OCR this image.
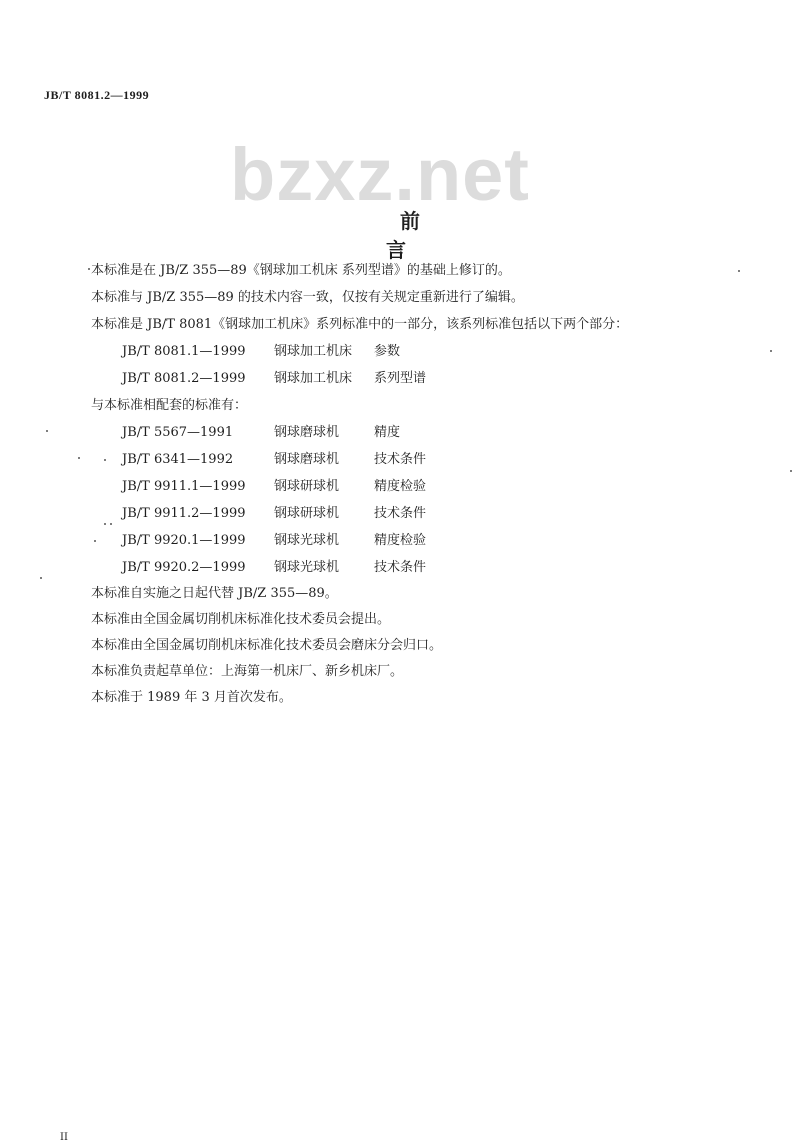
JB/T 8081.2—1999
bzxz.net
前言
本标准是在 JB/Z 355—89《钢球加工机床 系列型谱》的基础上修订的。
本标准与 JB/Z 355—89 的技术内容一致，仅按有关规定重新进行了编辑。
本标准是 JB/T 8081《钢球加工机床》系列标准中的一部分，该系列标准包括以下两个部分：
JB/T 8081.1—1999 钢球加工机床 参数
JB/T 8081.2—1999 钢球加工机床 系列型谱
与本标准相配套的标准有：
JB/T 5567—1991	钢球磨球机	精度
JB/T 6341—1992	钢球磨球机	技术条件
JB/T 9911.1—1999 钢球研球机	精度检验
JB/T 9911.2—1999 钢球研球机	技术条件
JB/T 9920.1—1999 钢球光球机	精度检验
JB/T 9920.2—1999 钢球光球机	技术条件
本标准自实施之日起代替 JB/Z 355—89。
本标准由全国金属切削机床标准化技术委员会提出。
本标准由全国金属切削机床标准化技术委员会磨床分会归口。
本标准负责起草单位：上海第一机床厂、新乡机床厂。
本标准于 1989 年 3 月首次发布。
II
